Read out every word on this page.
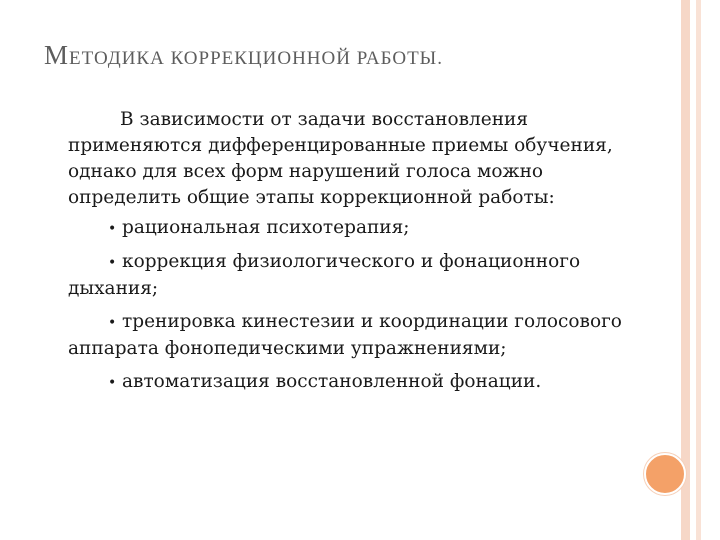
МЕТОДИКА КОРРЕКЦИОННОЙ РАБОТЫ.

В зависимости от задачи восстановления применяются дифференцированные приемы обучения, однако для всех форм нарушений голоса можно определить общие этапы коррекционной работы:

• рациональная психотерапия;
• коррекция физиологического и фонационного дыхания;
• тренировка кинестезии и координации голосового аппарата фонопедическими упражнениями;
• автоматизация восстановленной фонации.
